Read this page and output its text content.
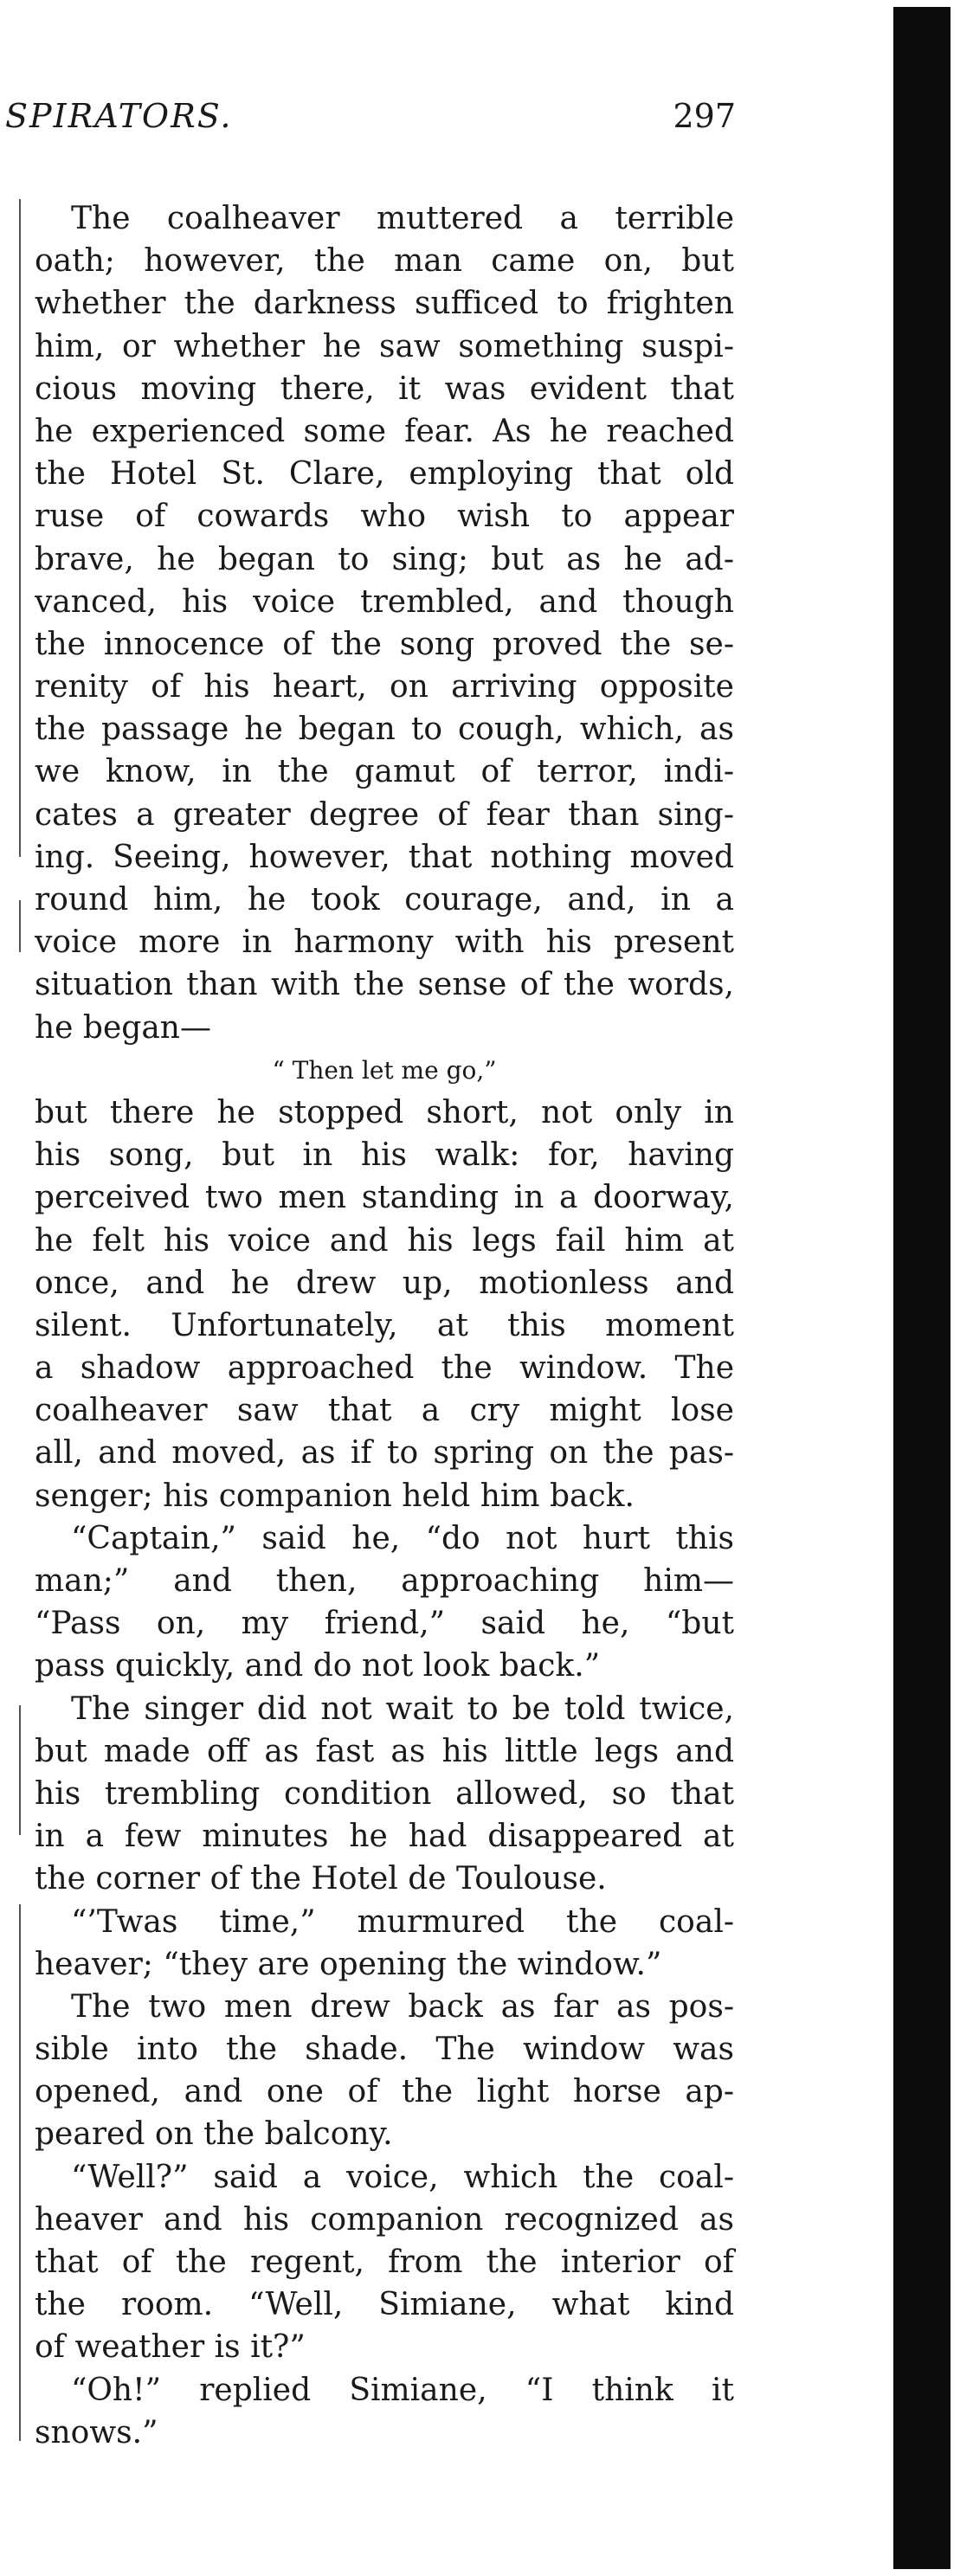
SPIRATORS.	297
The coalheaver muttered a terrible
oath; however, the man came on, but
whether the darkness sufficed to frighten
him, or whether he saw something suspi-
cious moving there, it was evident that
he experienced some fear. As he reached
the Hotel St. Clare, employing that old
ruse of cowards who wish to appear
brave, he began to sing; but as he ad-
vanced, his voice trembled, and though
the innocence of the song proved the se-
renity of his heart, on arriving opposite
the passage he began to cough, which, as
we know, in the gamut of terror, indi-
cates a greater degree of fear than sing-
ing. Seeing, however, that nothing moved
round him, he took courage, and, in a
voice more in harmony with his present
situation than with the sense of the words,
he began—
“ Then let me go,”
but there he stopped short, not only in
his song, but in his walk: for, having
perceived two men standing in a doorway,
he felt his voice and his legs fail him at
once, and he drew up, motionless and
silent. Unfortunately, at this moment
a shadow approached the window. The
coalheaver saw that a cry might lose
all, and moved, as if to spring on the pas-
senger; his companion held him back.
“Captain,” said he, “do not hurt this
man;” and then, approaching him—
“Pass on, my friend,” said he, “but
pass quickly, and do not look back.”
The singer did not wait to be told twice,
but made off as fast as his little legs and
his trembling condition allowed, so that
in a few minutes he had disappeared at
the corner of the Hotel de Toulouse.
“’Twas time,” murmured the coal-
heaver; “they are opening the window.”
The two men drew back as far as pos-
sible into the shade. The window was
opened, and one of the light horse ap-
peared on the balcony.
“Well?” said a voice, which the coal-
heaver and his companion recognized as
that of the regent, from the interior of
the room. “Well, Simiane, what kind
of weather is it?”
“Oh!” replied Simiane, “I think it
snows.”
